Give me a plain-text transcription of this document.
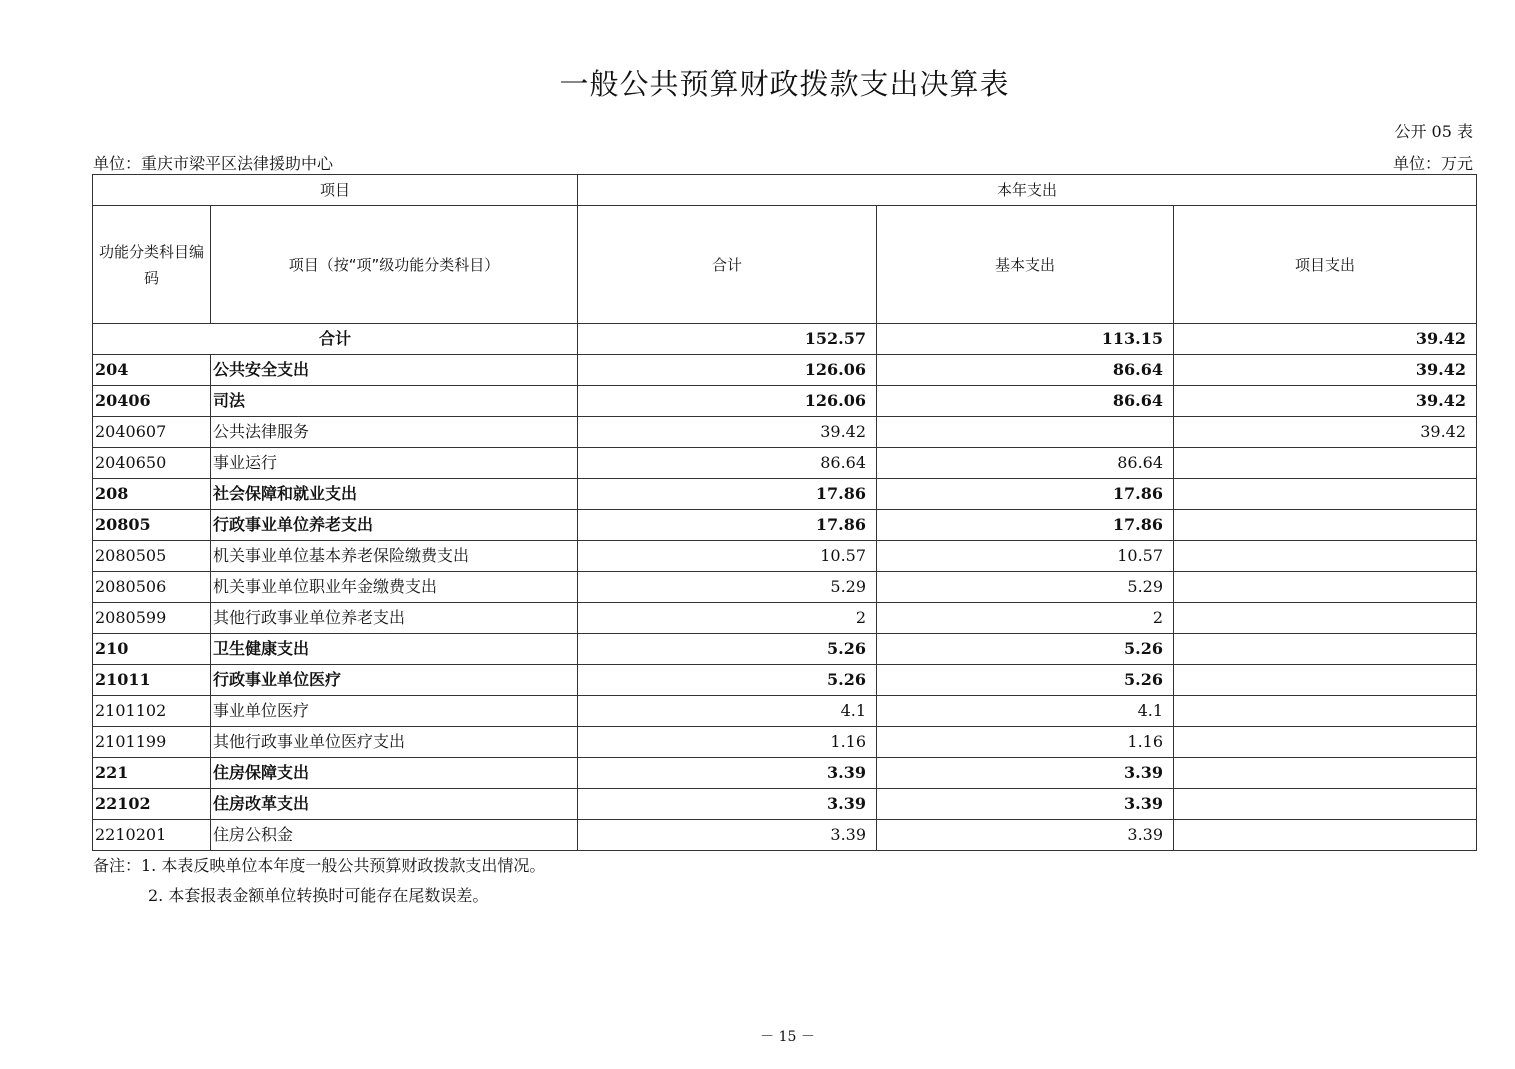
一般公共预算财政拨款支出决算表
公开 05 表
单位：重庆市梁平区法律援助中心	单位：万元
项目		本年支出		
功能分类科目编码	项目（按“项”级功能分类科目）	合计	基本支出	项目支出
合计		152.57	113.15	39.42
204	公共安全支出	126.06	86.64	39.42
20406	司法	126.06	86.64	39.42
2040607	公共法律服务	39.42		39.42
2040650	事业运行	86.64	86.64	
208	社会保障和就业支出	17.86	17.86	
20805	行政事业单位养老支出	17.86	17.86	
2080505	机关事业单位基本养老保险缴费支出	10.57	10.57	
2080506	机关事业单位职业年金缴费支出	5.29	5.29	
2080599	其他行政事业单位养老支出	2	2	
210	卫生健康支出	5.26	5.26	
21011	行政事业单位医疗	5.26	5.26	
2101102	事业单位医疗	4.1	4.1	
2101199	其他行政事业单位医疗支出	1.16	1.16	
221	住房保障支出	3.39	3.39	
22102	住房改革支出	3.39	3.39	
2210201	住房公积金	3.39	3.39	
备注：1. 本表反映单位本年度一般公共预算财政拨款支出情况。
2. 本套报表金额单位转换时可能存在尾数误差。
－ 15 －
